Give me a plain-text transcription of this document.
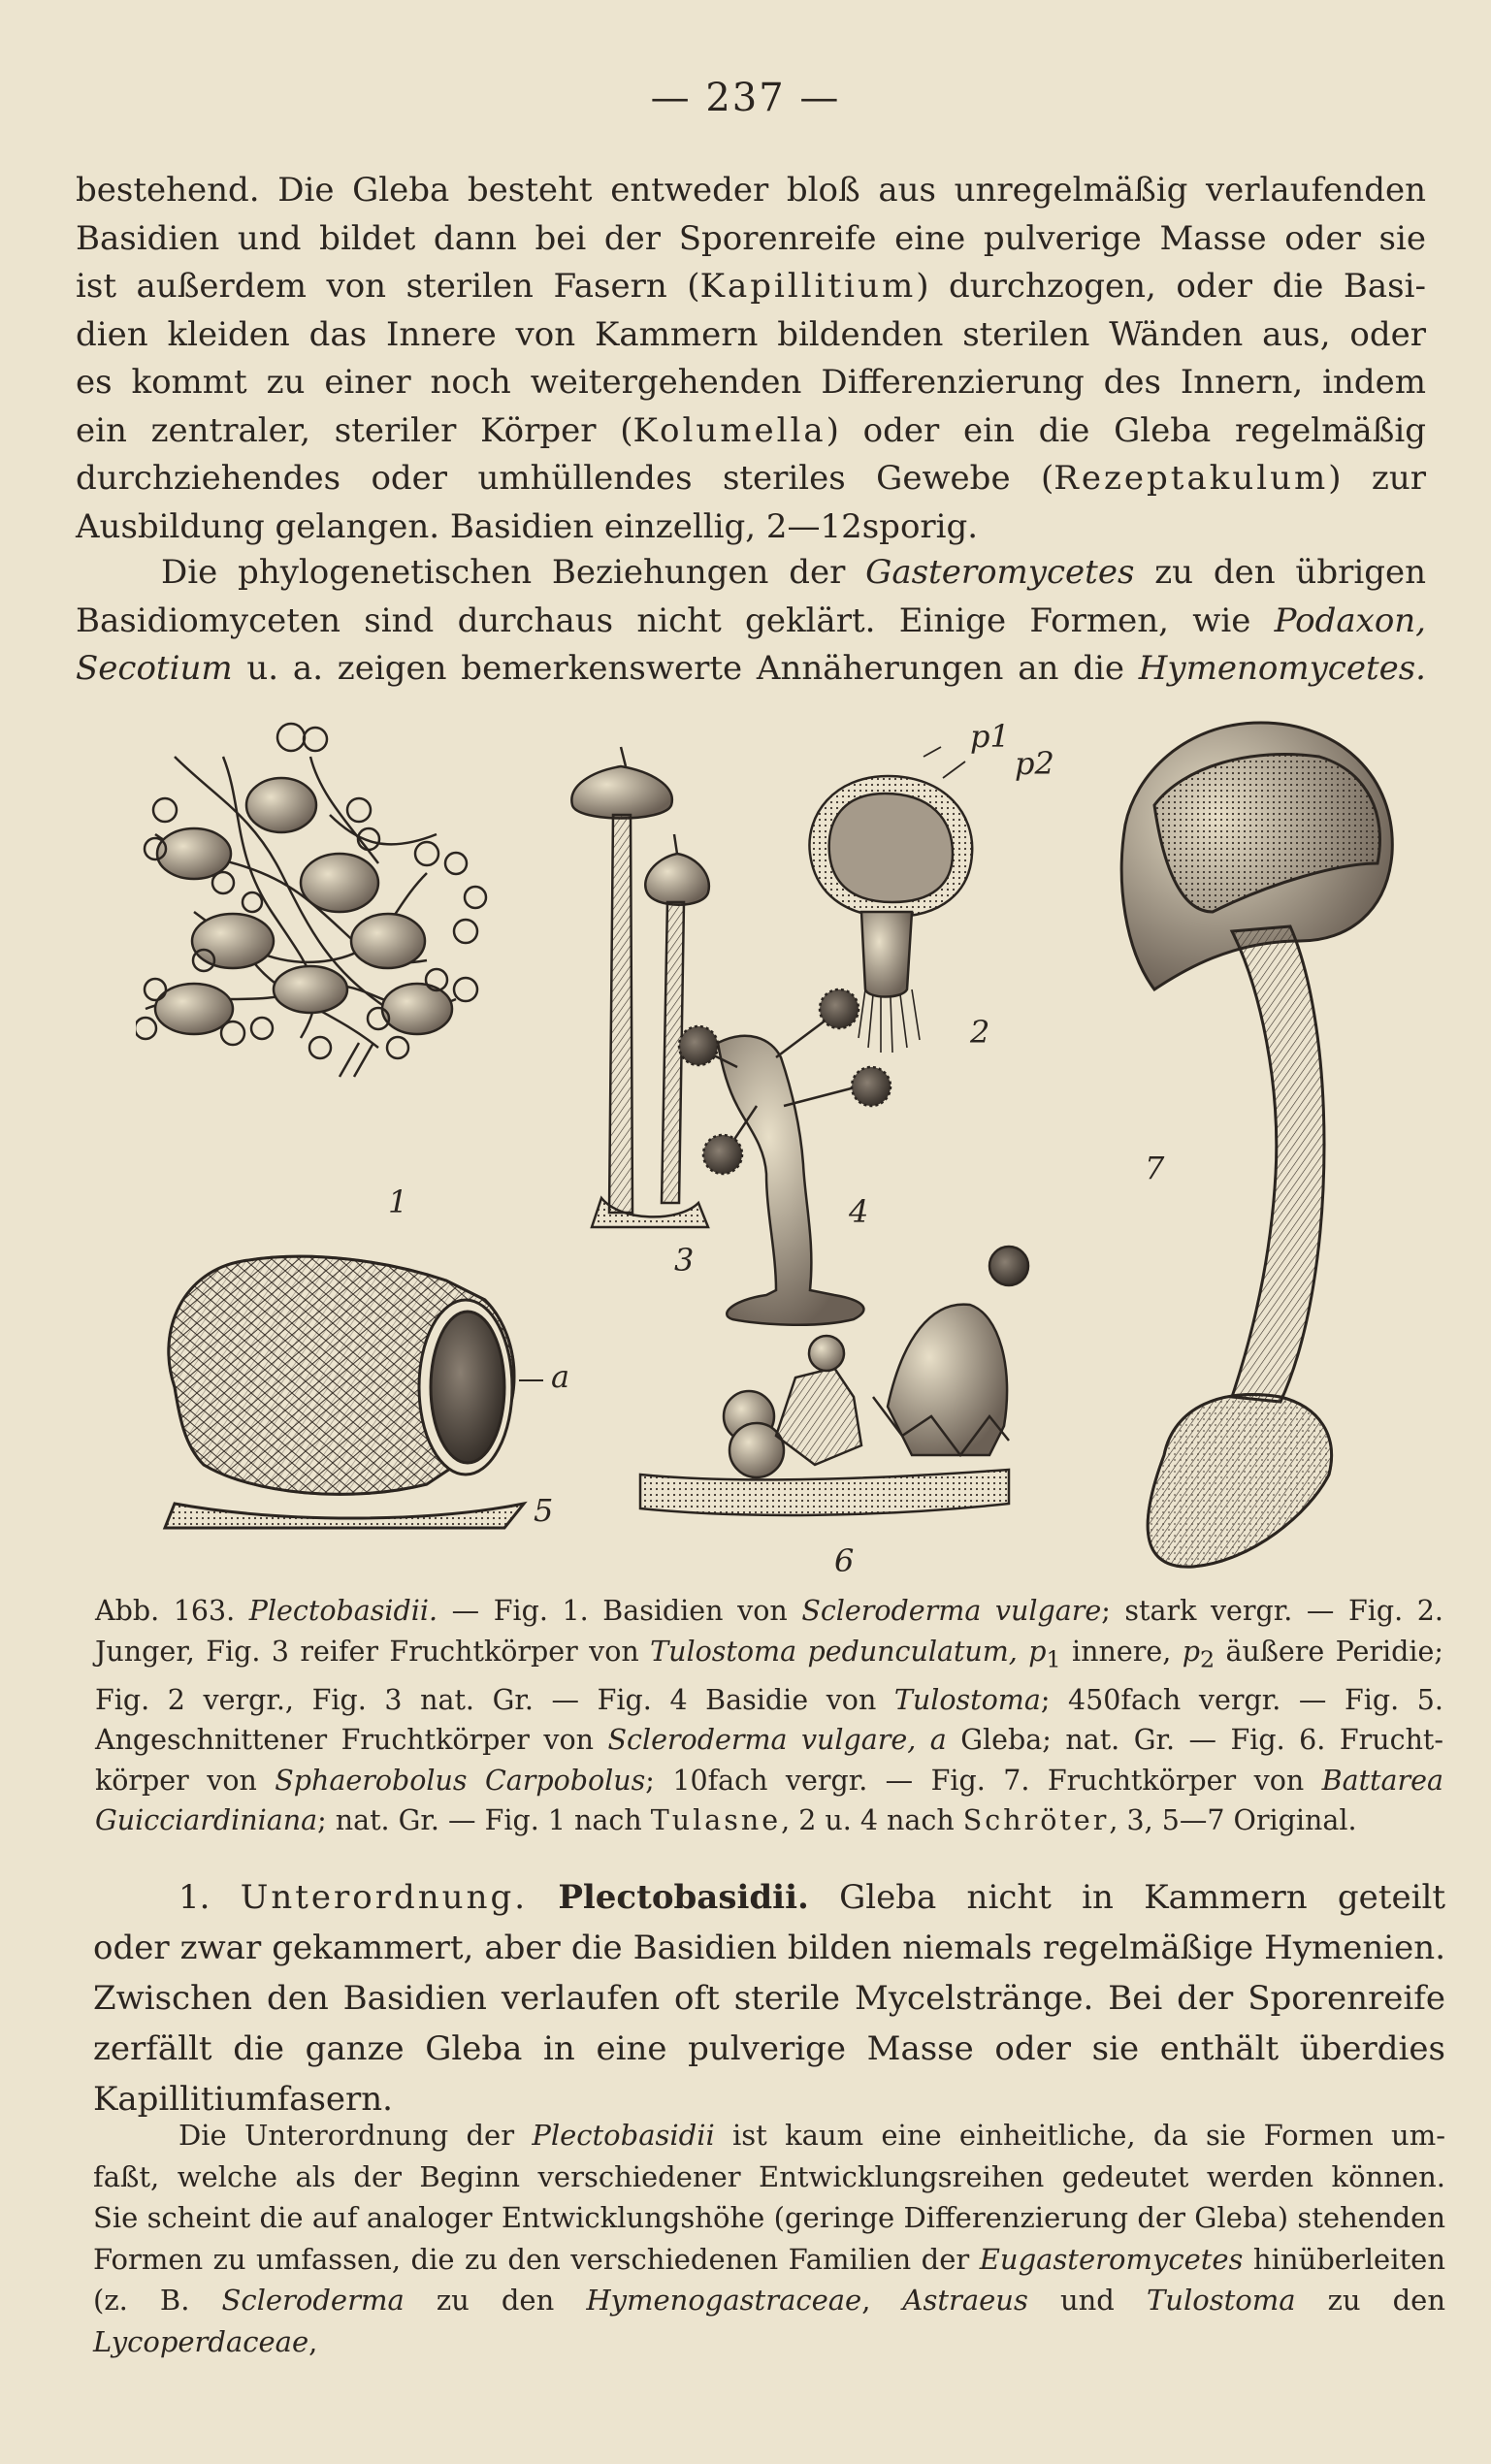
— 237 —
bestehend. Die Gleba besteht entweder bloß aus unregelmäßig verlaufenden
Basidien und bildet dann bei der Sporenreife eine pulverige Masse oder sie
ist außerdem von sterilen Fasern (Kapillitium) durchzogen, oder die Basi-
dien kleiden das Innere von Kammern bildenden sterilen Wänden aus, oder
es kommt zu einer noch weitergehenden Differenzierung des Innern, indem
ein zentraler, steriler Körper (Kolumella) oder ein die Gleba regelmäßig
durchziehendes oder umhüllendes steriles Gewebe (Rezeptakulum) zur
Ausbildung gelangen. Basidien einzellig, 2—12sporig.
Die phylogenetischen Beziehungen der Gasteromycetes zu den übrigen
Basidiomyceten sind durchaus nicht geklärt. Einige Formen, wie Podaxon,
Secotium u. a. zeigen bemerkenswerte Annäherungen an die Hymenomycetes.
1
2
3
4
5
6
7
a
p1
p2
Abb. 163. Plectobasidii. — Fig. 1. Basidien von Scleroderma vulgare; stark vergr. — Fig. 2.
Junger, Fig. 3 reifer Fruchtkörper von Tulostoma pedunculatum, $p_1$ innere, $p_2$ äußere Peridie;
Fig. 2 vergr., Fig. 3 nat. Gr. — Fig. 4 Basidie von Tulostoma; 450fach vergr. — Fig. 5.
Angeschnittener Fruchtkörper von Scleroderma vulgare, a Gleba; nat. Gr. — Fig. 6. Frucht-
körper von Sphaerobolus Carpobolus; 10fach vergr. — Fig. 7. Fruchtkörper von Battarea
Guicciardiniana; nat. Gr. — Fig. 1 nach Tulasne, 2 u. 4 nach Schröter, 3, 5—7 Original.
1. Unterordnung. Plectobasidii. Gleba nicht in Kammern geteilt
oder zwar gekammert, aber die Basidien bilden niemals regelmäßige Hymenien.
Zwischen den Basidien verlaufen oft sterile Mycelstränge. Bei der Sporenreife
zerfällt die ganze Gleba in eine pulverige Masse oder sie enthält überdies
Kapillitiumfasern.
Die Unterordnung der Plectobasidii ist kaum eine einheitliche, da sie Formen um-
faßt, welche als der Beginn verschiedener Entwicklungsreihen gedeutet werden können.
Sie scheint die auf analoger Entwicklungshöhe (geringe Differenzierung der Gleba) stehenden
Formen zu umfassen, die zu den verschiedenen Familien der Eugasteromycetes hinüberleiten
(z. B. Scleroderma zu den Hymenogastraceae, Astraeus und Tulostoma zu den Lycoperdaceae,
